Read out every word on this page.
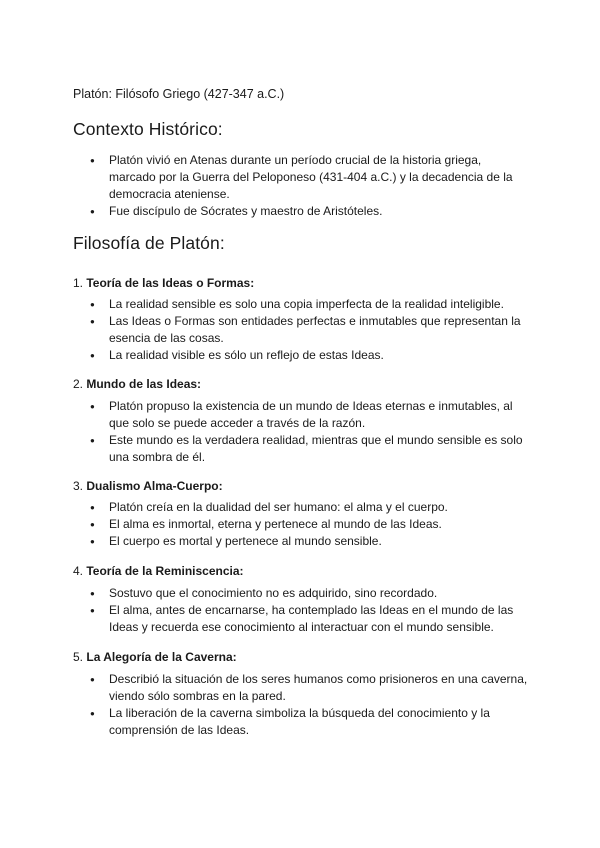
Platón: Filósofo Griego (427-347 a.C.)

Contexto Histórico:
● Platón vivió en Atenas durante un período crucial de la historia griega, marcado por la Guerra del Peloponeso (431-404 a.C.) y la decadencia de la democracia ateniense.
● Fue discípulo de Sócrates y maestro de Aristóteles.
Filosofía de Platón:

1. Teoría de las Ideas o Formas:

● La realidad sensible es solo una copia imperfecta de la realidad inteligible.
● Las Ideas o Formas son entidades perfectas e inmutables que representan la esencia de las cosas.
● La realidad visible es sólo un reflejo de estas Ideas.

2. Mundo de las Ideas:

● Platón propuso la existencia de un mundo de Ideas eternas e inmutables, al que solo se puede acceder a través de la razón.
● Este mundo es la verdadera realidad, mientras que el mundo sensible es solo una sombra de él.

3. Dualismo Alma-Cuerpo:

● Platón creía en la dualidad del ser humano: el alma y el cuerpo.
● El alma es inmortal, eterna y pertenece al mundo de las Ideas.
● El cuerpo es mortal y pertenece al mundo sensible.

4. Teoría de la Reminiscencia:

● Sostuvo que el conocimiento no es adquirido, sino recordado.
● El alma, antes de encarnarse, ha contemplado las Ideas en el mundo de las Ideas y recuerda ese conocimiento al interactuar con el mundo sensible.

5. La Alegoría de la Caverna:

● Describió la situación de los seres humanos como prisioneros en una caverna, viendo sólo sombras en la pared.
● La liberación de la caverna simboliza la búsqueda del conocimiento y la comprensión de las Ideas.
